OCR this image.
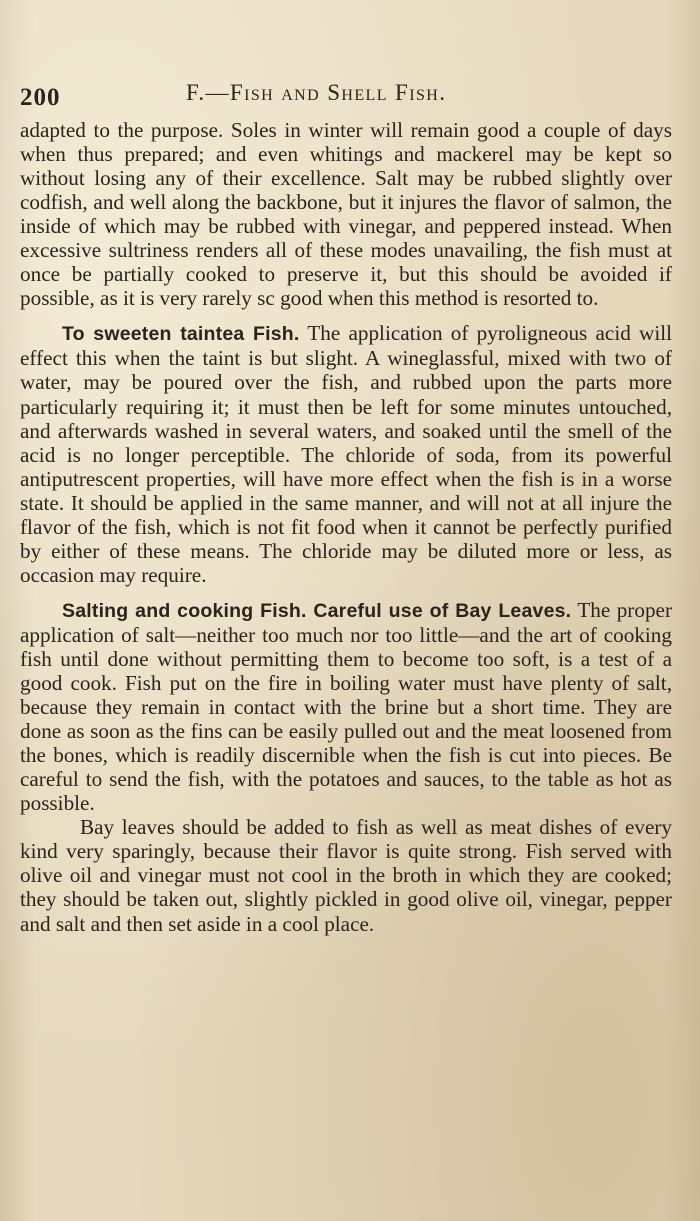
200	F.—Fish and Shell Fish.

adapted to the purpose. Soles in winter will remain good a couple of days when thus prepared; and even whitings and mackerel may be kept so without losing any of their excellence. Salt may be rubbed slightly over codfish, and well along the backbone, but it injures the flavor of salmon, the inside of which may be rubbed with vinegar, and peppered instead. When excessive sultriness renders all of these modes unavailing, the fish must at once be partially cooked to preserve it, but this should be avoided if possible, as it is very rarely sc good when this method is resorted to.

To sweeten taintea Fish. The application of pyroligneous acid will effect this when the taint is but slight. A wineglassful, mixed with two of water, may be poured over the fish, and rubbed upon the parts more particularly requiring it; it must then be left for some minutes untouched, and afterwards washed in several waters, and soaked until the smell of the acid is no longer perceptible. The chloride of soda, from its powerful antiputrescent properties, will have more effect when the fish is in a worse state. It should be applied in the same manner, and will not at all injure the flavor of the fish, which is not fit food when it cannot be perfectly purified by either of these means. The chloride may be diluted more or less, as occasion may require.

Salting and cooking Fish. Careful use of Bay Leaves. The proper application of salt—neither too much nor too little—and the art of cooking fish until done without permitting them to become too soft, is a test of a good cook. Fish put on the fire in boiling water must have plenty of salt, because they remain in contact with the brine but a short time. They are done as soon as the fins can be easily pulled out and the meat loosened from the bones, which is readily discernible when the fish is cut into pieces. Be careful to send the fish, with the potatoes and sauces, to the table as hot as possible.

Bay leaves should be added to fish as well as meat dishes of every kind very sparingly, because their flavor is quite strong. Fish served with olive oil and vinegar must not cool in the broth in which they are cooked; they should be taken out, slightly pickled in good olive oil, vinegar, pepper and salt and then set aside in a cool place.
